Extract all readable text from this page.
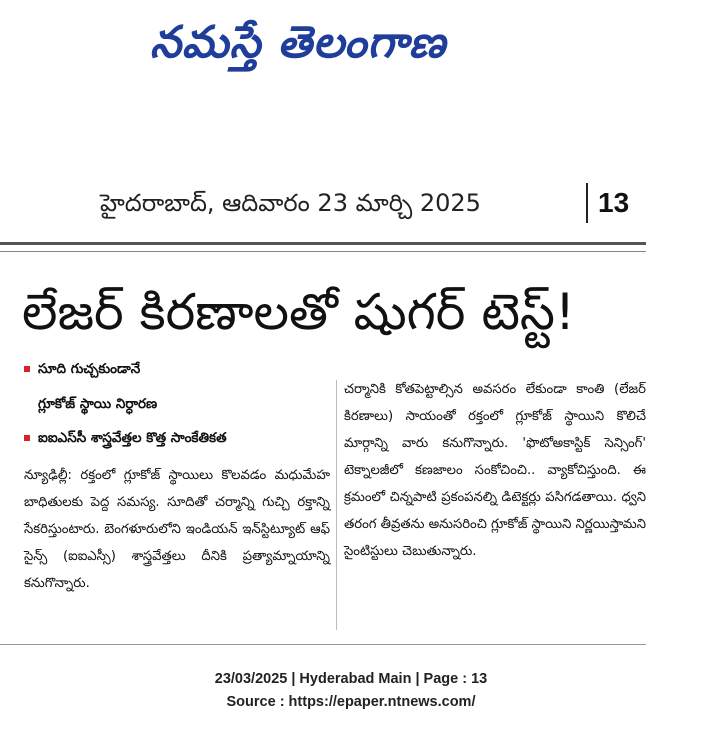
నమస్తే తెలంగాణ
హైదరాబాద్, ఆదివారం 23 మార్చి 2025	13
లేజర్ కిరణాలతో షుగర్ టెస్ట్!
సూది గుచ్చకుండానే
గ్లూకోజ్ స్థాయి నిర్ధారణ
ఐఐఎస్‌సీ శాస్త్రవేత్తల కొత్త సాంకేతికత
న్యూఢిల్లీ: రక్తంలో గ్లూకోజ్ స్థాయిలు కొలవడం మధుమేహ బాధితులకు పెద్ద సమస్య. సూదితో చర్మాన్ని గుచ్చి రక్తాన్ని సేకరిస్తుంటారు. బెంగళూరులోని ఇండియన్ ఇన్‌స్టిట్యూట్ ఆఫ్ సైన్స్ (ఐఐఎస్సీ) శాస్త్రవేత్తలు దీనికి ప్రత్యామ్నాయాన్ని కనుగొన్నారు.
చర్మానికి కోతపెట్టాల్సిన అవసరం లేకుండా కాంతి (లేజర్ కిరణాలు) సాయంతో రక్తంలో గ్లూకోజ్ స్థాయిని కొలిచే మార్గాన్ని వారు కనుగొన్నారు. 'ఫొటోఅకాస్టిక్ సెన్సింగ్' టెక్నాలజీలో కణజాలం సంకోచించి.. వ్యాకోచిస్తుంది. ఈ క్రమంలో చిన్నపాటి ప్రకంపనల్ని డిటెక్టర్లు పసిగడతాయి. ధ్వని తరంగ తీవ్రతను అనుసరించి గ్లూకోజ్ స్థాయిని నిర్ణయిస్తామని సైంటిస్టులు చెబుతున్నారు.
23/03/2025 | Hyderabad Main | Page : 13
Source : https://epaper.ntnews.com/
